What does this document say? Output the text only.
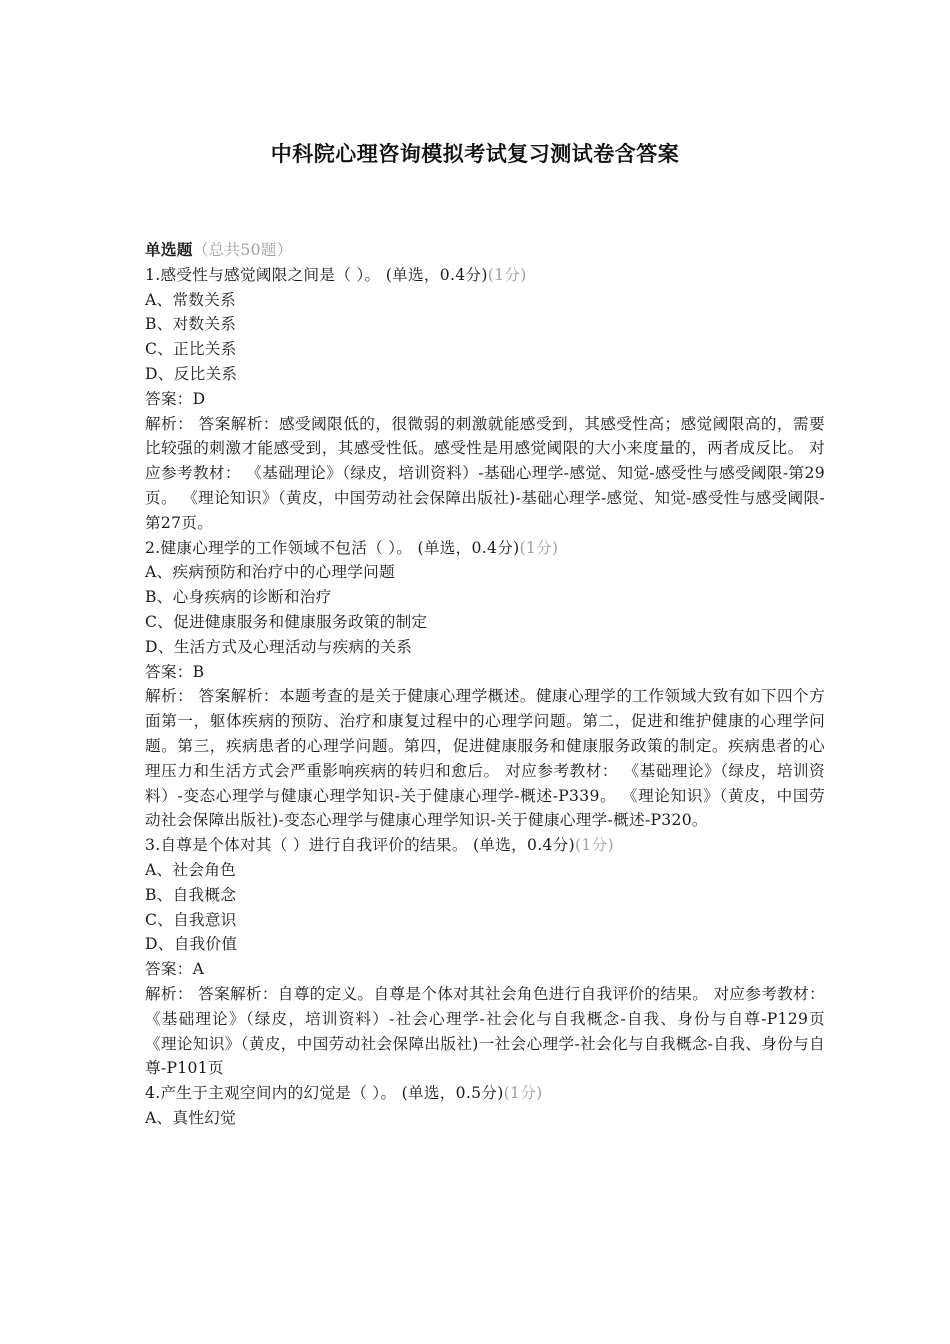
中科院心理咨询模拟考试复习测试卷含答案
单选题（总共50题）
1.感受性与感觉阈限之间是（ ）。 (单选，0.4分)(1分)
A、常数关系
B、对数关系
C、正比关系
D、反比关系
答案：D
解析： 答案解析：感受阈限低的，很微弱的刺激就能感受到，其感受性高；感觉阈限高的，需要比较强的刺激才能感受到，其感受性低。感受性是用感觉阈限的大小来度量的，两者成反比。 对应参考教材： 《基础理论》（绿皮，培训资料）-基础心理学-感觉、知觉-感受性与感受阈限-第29页。 《理论知识》（黄皮，中国劳动社会保障出版社)-基础心理学-感觉、知觉-感受性与感受阈限-第27页。
2.健康心理学的工作领域不包活（ ）。 (单选，0.4分)(1分)
A、疾病预防和治疗中的心理学问题
B、心身疾病的诊断和治疗
C、促进健康服务和健康服务政策的制定
D、生活方式及心理活动与疾病的关系
答案：B
解析： 答案解析：本题考查的是关于健康心理学概述。健康心理学的工作领域大致有如下四个方面第一，躯体疾病的预防、治疗和康复过程中的心理学问题。第二，促进和维护健康的心理学问题。第三，疾病患者的心理学问题。第四，促进健康服务和健康服务政策的制定。疾病患者的心理压力和生活方式会严重影响疾病的转归和愈后。 对应参考教材： 《基础理论》（绿皮，培训资料）-变态心理学与健康心理学知识-关于健康心理学-概述-P339。 《理论知识》（黄皮，中国劳动社会保障出版社)-变态心理学与健康心理学知识-关于健康心理学-概述-P320。
3.自尊是个体对其（ ）进行自我评价的结果。 (单选，0.4分)(1分)
A、社会角色
B、自我概念
C、自我意识
D、自我价值
答案：A
解析： 答案解析：自尊的定义。自尊是个体对其社会角色进行自我评价的结果。 对应参考教材： 《基础理论》（绿皮，培训资料）-社会心理学-社会化与自我概念-自我、身份与自尊-P129页 《理论知识》（黄皮，中国劳动社会保障出版社)一社会心理学-社会化与自我概念-自我、身份与自尊-P101页
4.产生于主观空间内的幻觉是（ ）。 (单选，0.5分)(1分)
A、真性幻觉
